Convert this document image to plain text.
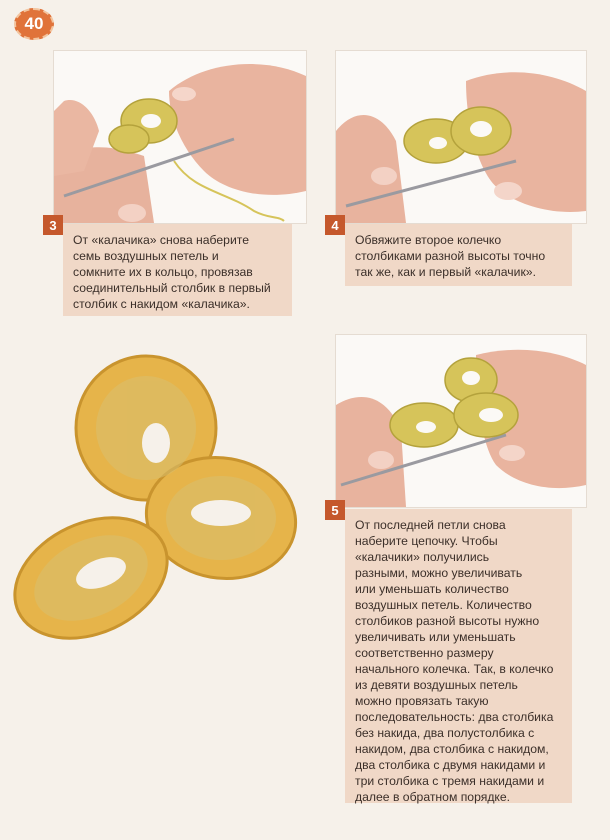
40
3
От «калачика» снова наберите
семь воздушных петель и
сомкните их в кольцо, провязав
соединительный столбик в первый
столбик с накидом «калачика».
4
Обвяжите второе колечко
столбиками разной высоты точно
так же, как и первый «калачик».
5
От последней петли снова
наберите цепочку. Чтобы
«калачики» получились
разными, можно увеличивать
или уменьшать количество
воздушных петель. Количество
столбиков разной высоты нужно
увеличивать или уменьшать
соответственно размеру
начального колечка. Так, в колечко
из девяти воздушных петель
можно провязать такую
последовательность: два столбика
без накида, два полустолбика с
накидом, два столбика с накидом,
два столбика с двумя накидами и
три столбика с тремя накидами и
далее в обратном порядке.
